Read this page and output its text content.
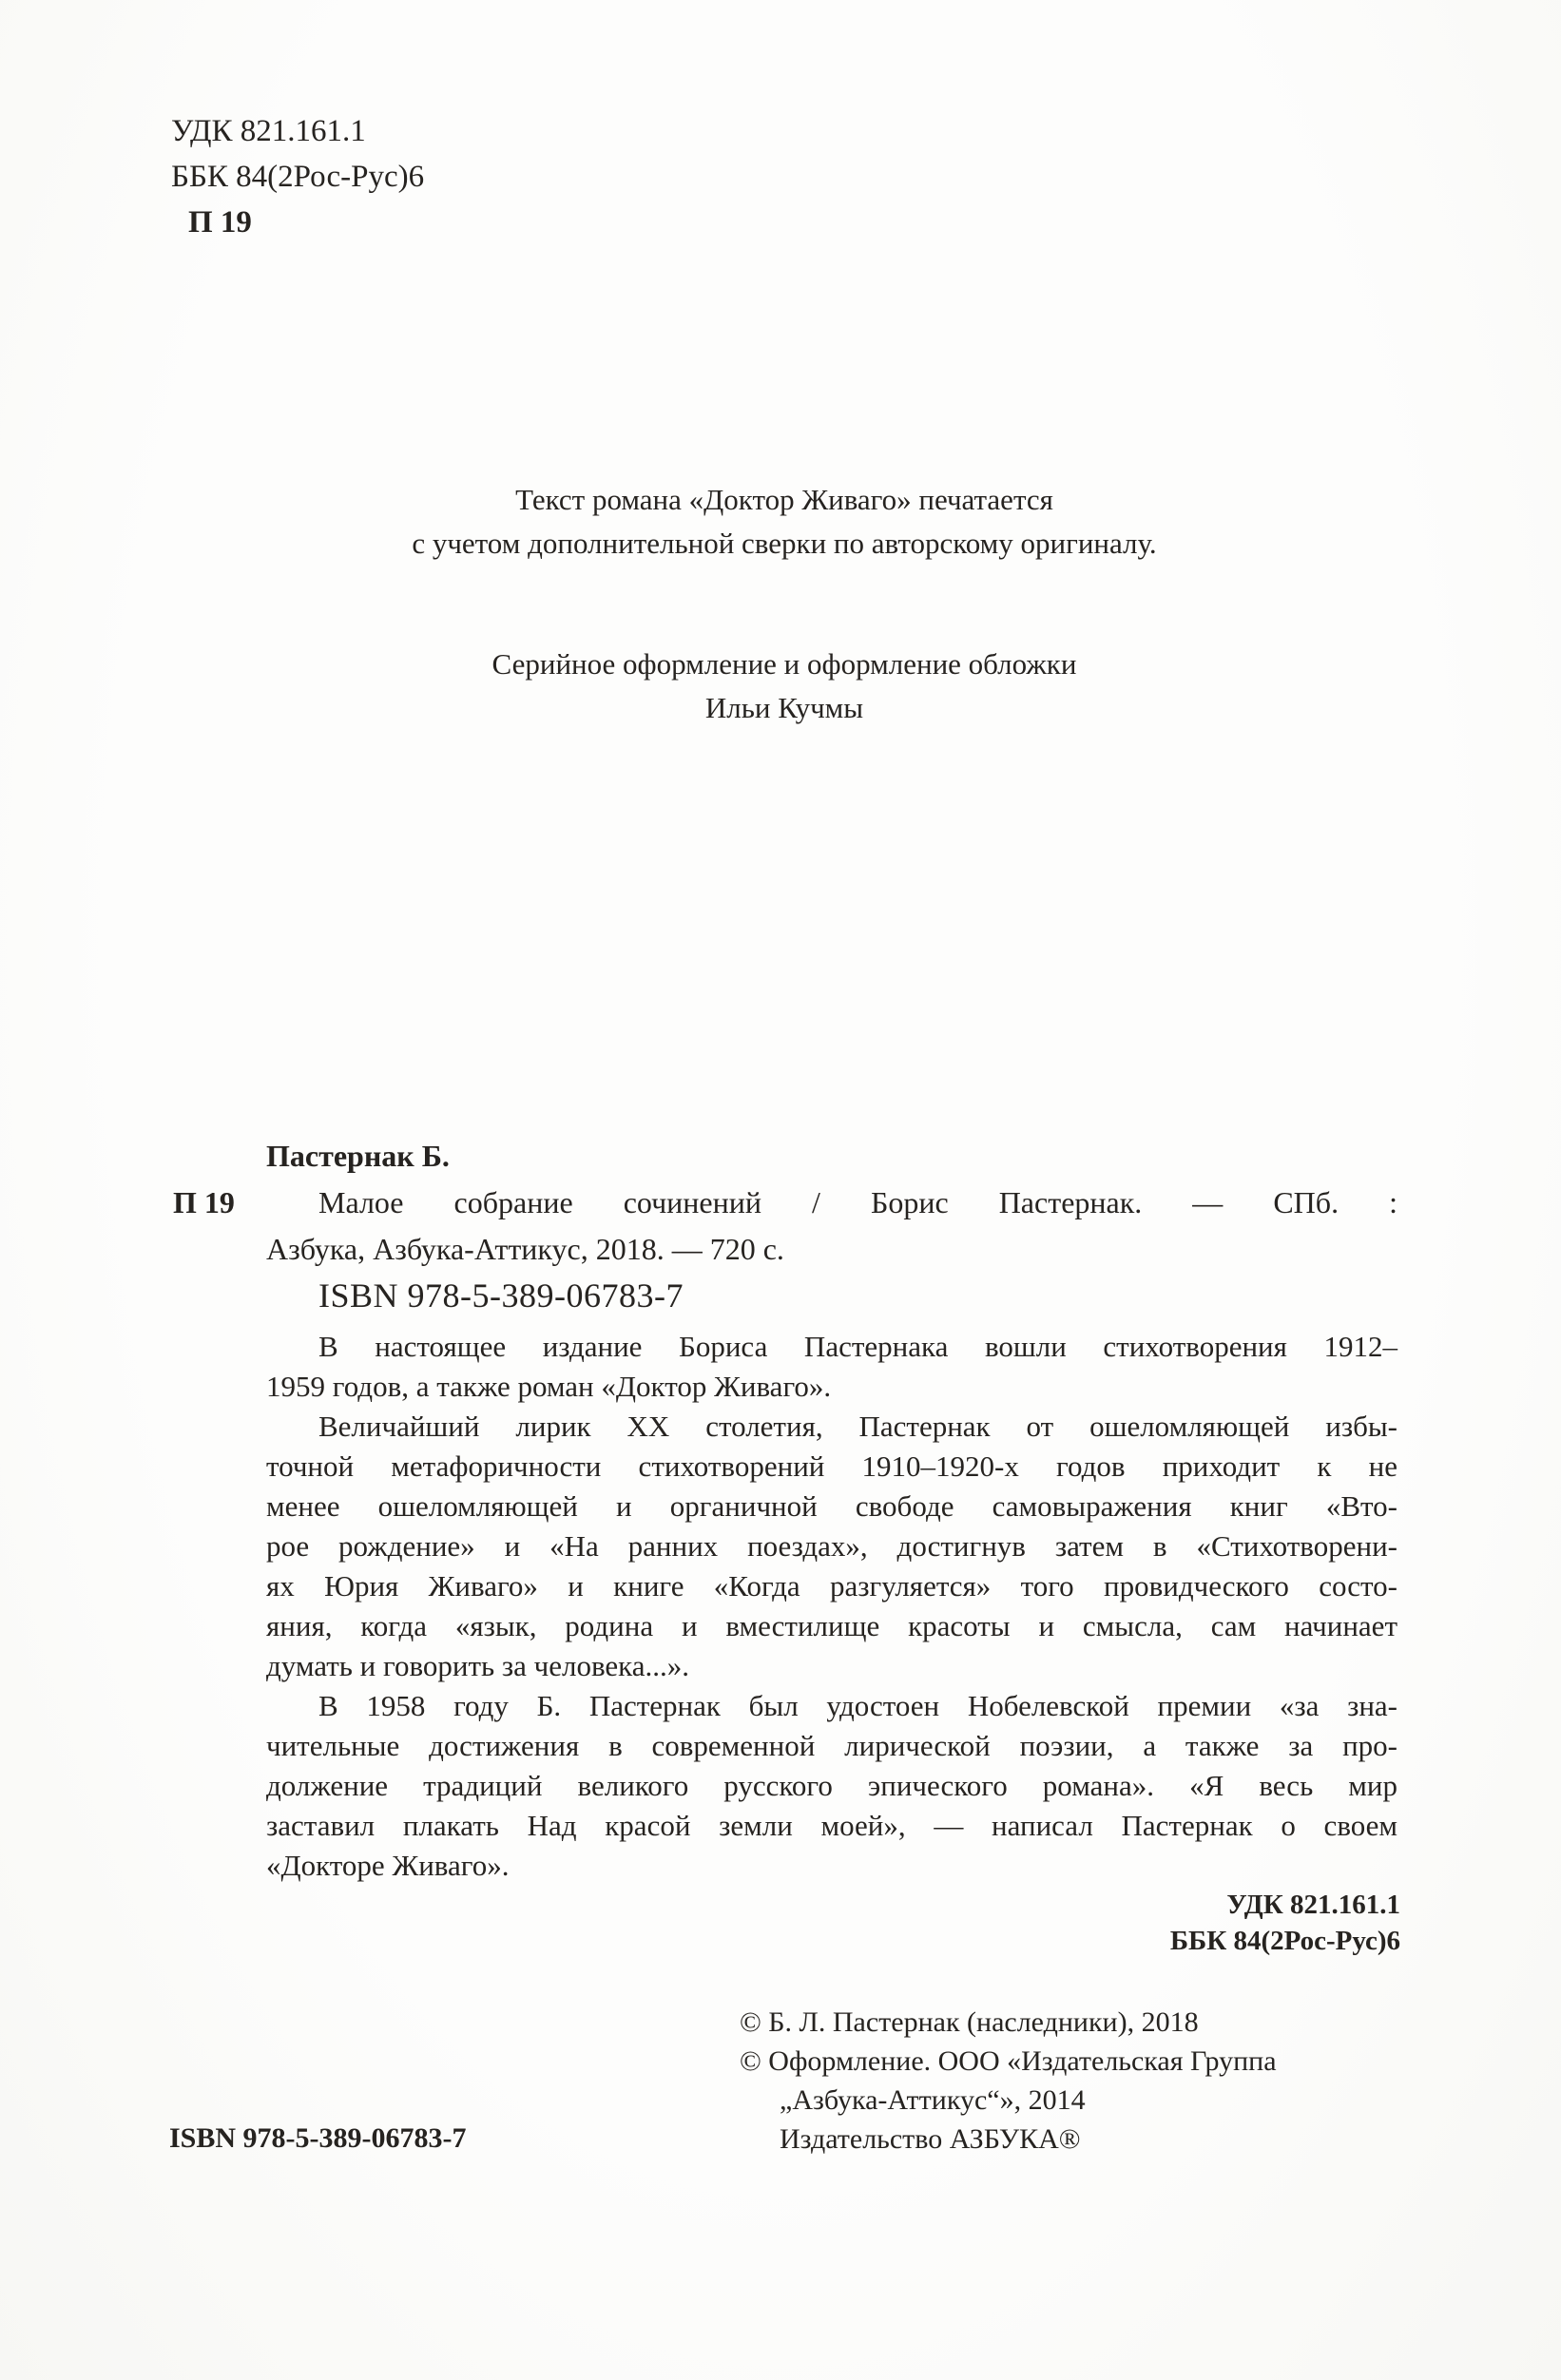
УДК 821.161.1
ББК 84(2Рос-Рус)6
П 19
Текст романа «Доктор Живаго» печатается
с учетом дополнительной сверки по авторскому оригиналу.
Серийное оформление и оформление обложки
Ильи Кучмы
Пастернак Б.
П 19	Малое собрание сочинений / Борис Пастернак. — СПб. :
Азбука, Азбука-Аттикус, 2018. — 720 с.
ISBN 978-5-389-06783-7
В настоящее издание Бориса Пастернака вошли стихотворения 1912–
1959 годов, а также роман «Доктор Живаго».
Величайший лирик XX столетия, Пастернак от ошеломляющей избы-
точной метафоричности стихотворений 1910–1920-х годов приходит к не
менее ошеломляющей и органичной свободе самовыражения книг «Вто-
рое рождение» и «На ранних поездах», достигнув затем в «Стихотворени-
ях Юрия Живаго» и книге «Когда разгуляется» того провидческого состо-
яния, когда «язык, родина и вместилище красоты и смысла, сам начинает
думать и говорить за человека...».
В 1958 году Б. Пастернак был удостоен Нобелевской премии «за зна-
чительные достижения в современной лирической поэзии, а также за про-
должение традиций великого русского эпического романа». «Я весь мир
заставил плакать Над красой земли моей», — написал Пастернак о своем
«Докторе Живаго».
УДК 821.161.1
ББК 84(2Рос-Рус)6
© Б. Л. Пастернак (наследники), 2018
© Оформление. ООО «Издательская Группа
„Азбука-Аттикус“», 2014
Издательство АЗБУКА®
ISBN 978-5-389-06783-7
